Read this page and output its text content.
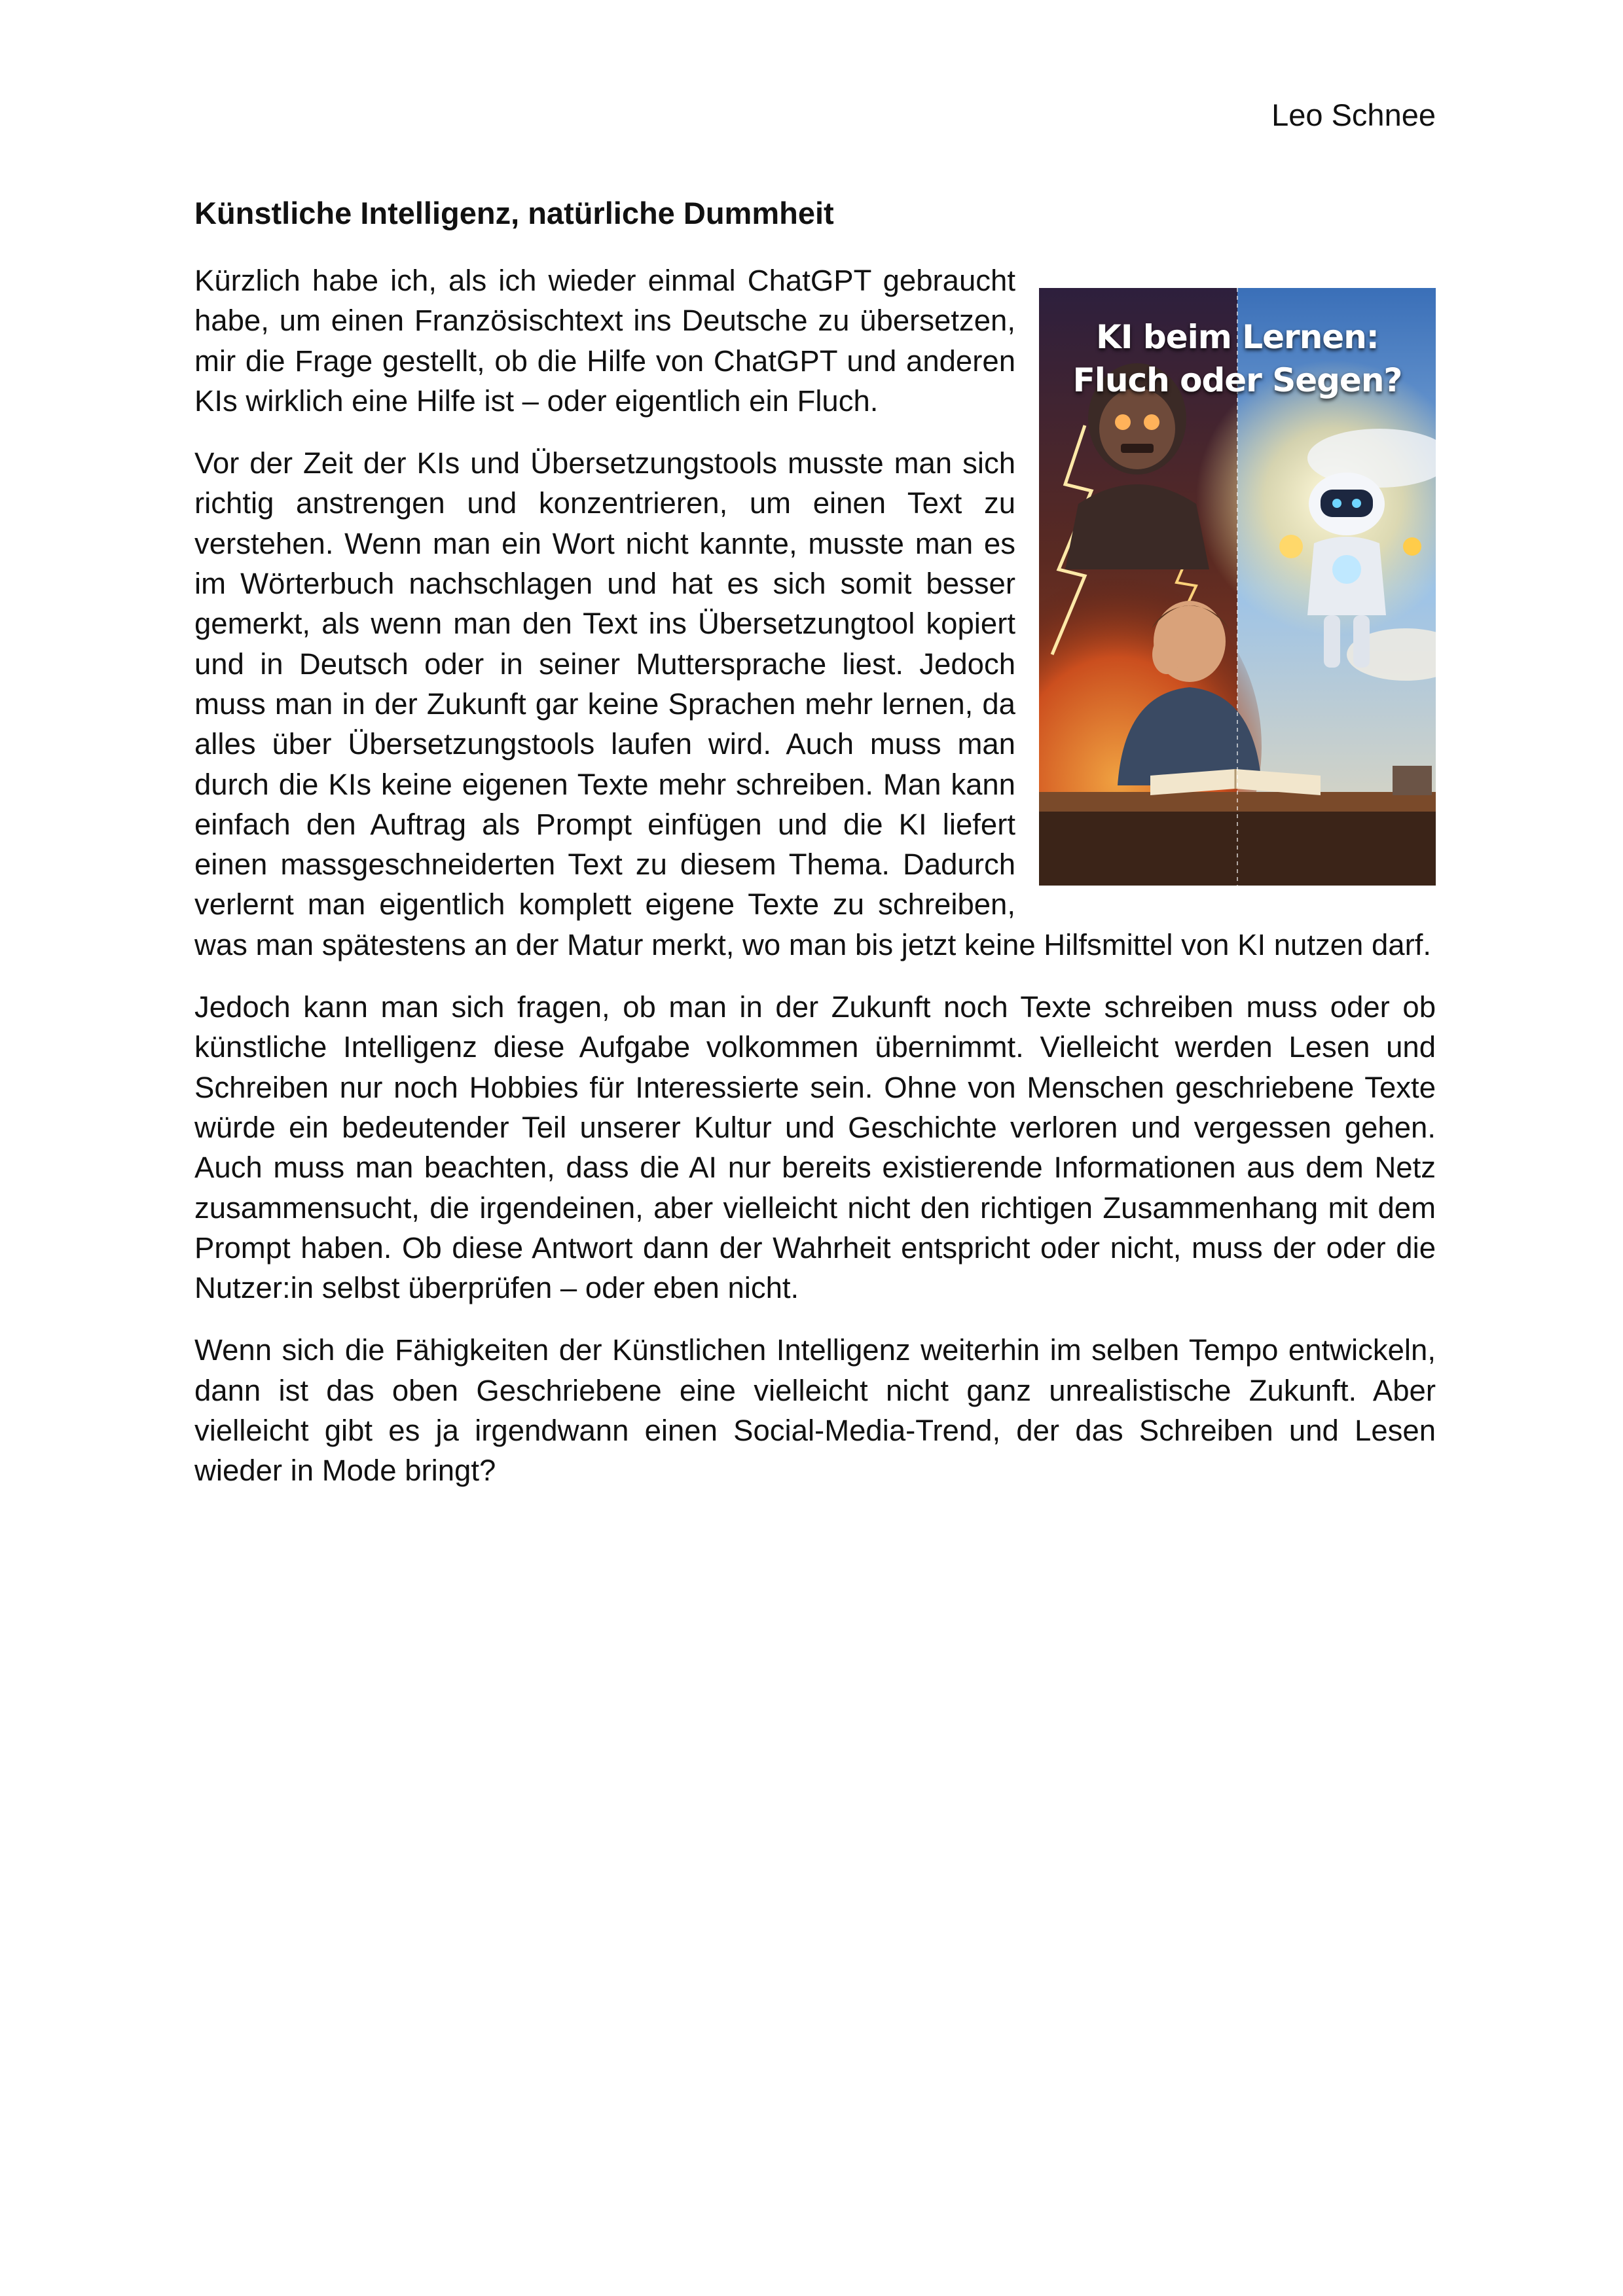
Leo Schnee
Künstliche Intelligenz, natürliche Dummheit
KI beim Lernen:
Fluch oder Segen?

Kürzlich habe ich, als ich wieder einmal ChatGPT gebraucht habe, um einen Französischtext ins Deutsche zu übersetzen, mir die Frage gestellt, ob die Hilfe von ChatGPT und anderen KIs wirklich eine Hilfe ist – oder eigentlich ein Fluch.

Vor der Zeit der KIs und Übersetzungstools musste man sich richtig anstrengen und konzentrieren, um einen Text zu verstehen. Wenn man ein Wort nicht kannte, musste man es im Wörterbuch nachschlagen und hat es sich somit besser gemerkt, als wenn man den Text ins Übersetzungtool kopiert und in Deutsch oder in seiner Muttersprache liest. Jedoch muss man in der Zukunft gar keine Sprachen mehr lernen, da alles über Übersetzungstools laufen wird. Auch muss man durch die KIs keine eigenen Texte mehr schreiben. Man kann einfach den Auftrag als Prompt einfügen und die KI liefert einen massgeschneiderten Text zu diesem Thema. Dadurch verlernt man eigentlich komplett eigene Texte zu schreiben, was man spätestens an der Matur merkt, wo man bis jetzt keine Hilfsmittel von KI nutzen darf.

Jedoch kann man sich fragen, ob man in der Zukunft noch Texte schreiben muss oder ob künstliche Intelligenz diese Aufgabe volkommen übernimmt. Vielleicht werden Lesen und Schreiben nur noch Hobbies für Interessierte sein. Ohne von Menschen geschriebene Texte würde ein bedeutender Teil unserer Kultur und Geschichte verloren und vergessen gehen. Auch muss man beachten, dass die AI nur bereits existierende Informationen aus dem Netz zusammensucht, die irgendeinen, aber vielleicht nicht den richtigen Zusammenhang mit dem Prompt haben. Ob diese Antwort dann der Wahrheit entspricht oder nicht, muss der oder die Nutzer:in selbst überprüfen – oder eben nicht.

Wenn sich die Fähigkeiten der Künstlichen Intelligenz weiterhin im selben Tempo entwickeln, dann ist das oben Geschriebene eine vielleicht nicht ganz unrealistische Zukunft. Aber vielleicht gibt es ja irgendwann einen Social-Media-Trend, der das Schreiben und Lesen wieder in Mode bringt?
